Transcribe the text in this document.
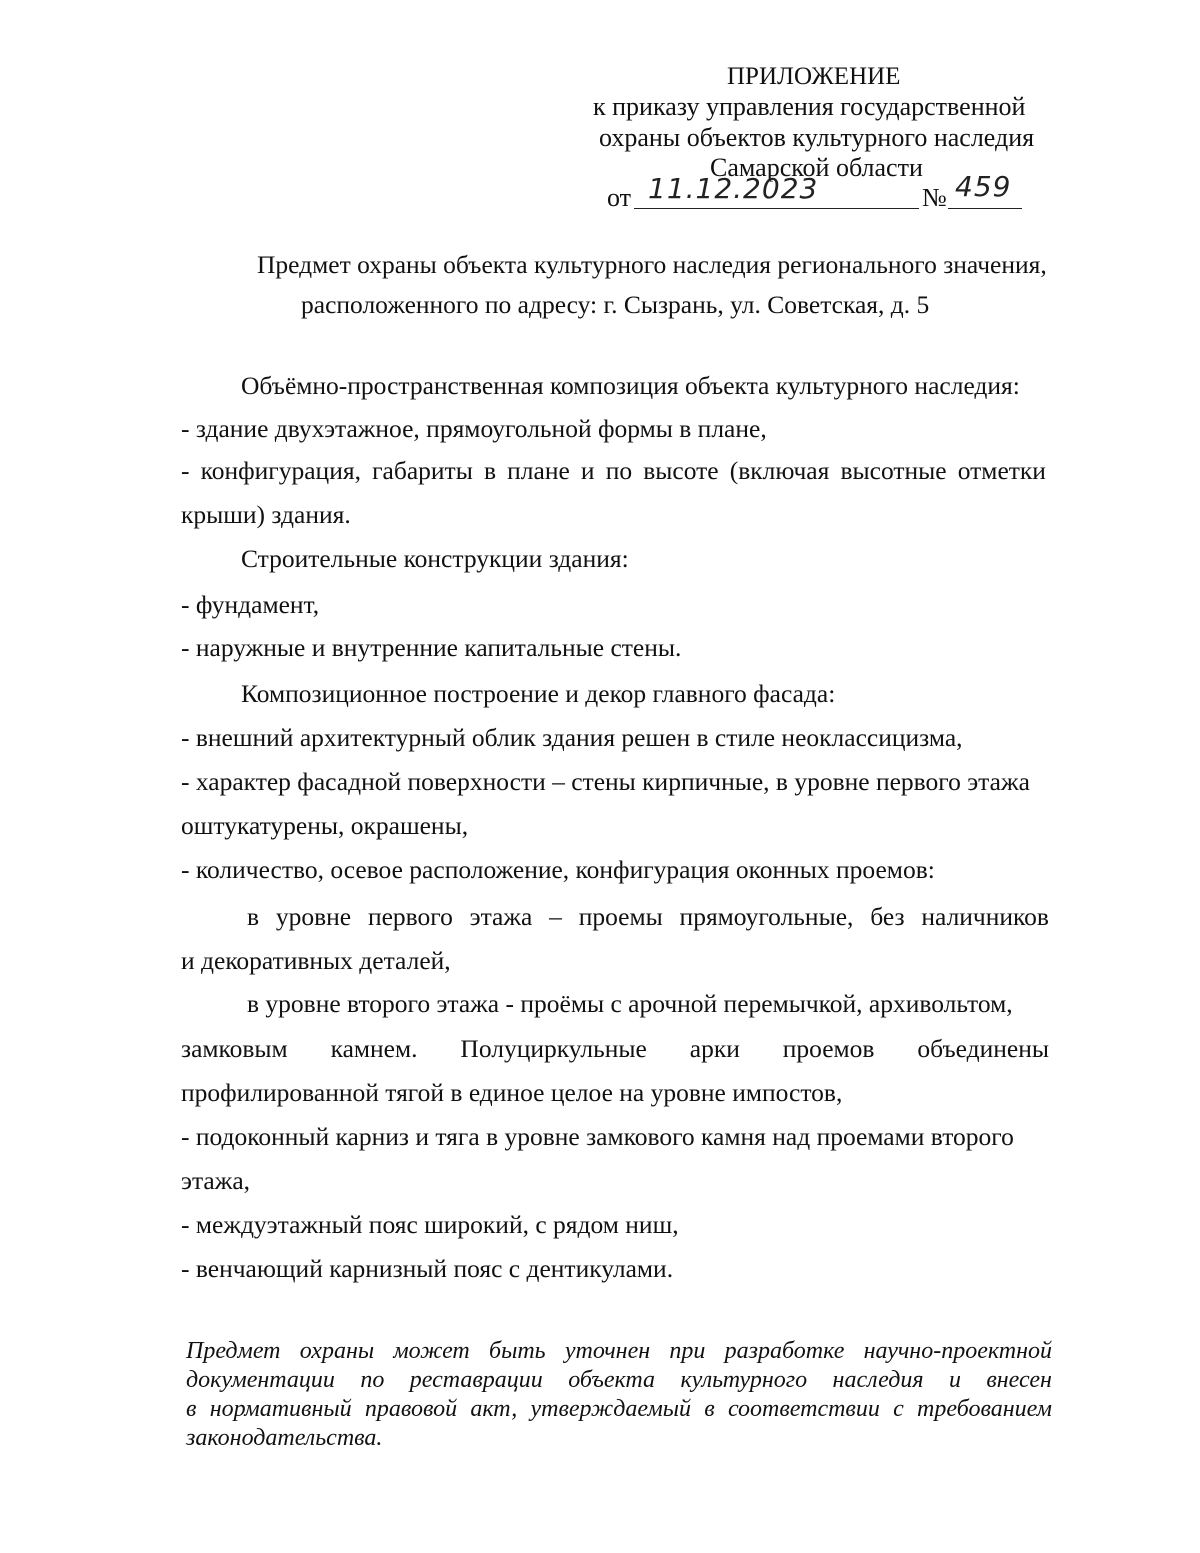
ПРИЛОЖЕНИЕ
к приказу управления государственной
охраны объектов культурного наследия
Самарской области
от 11.12.2023	№ 459
Предмет охраны объекта культурного наследия регионального значения,
расположенного по адресу: г. Сызрань, ул. Советская, д. 5
Объёмно-пространственная композиция объекта культурного наследия:
- здание двухэтажное, прямоугольной формы в плане,
- конфигурация, габариты в плане и по высоте (включая высотные отметки
крыши) здания.
Строительные конструкции здания:
- фундамент,
- наружные и внутренние капитальные стены.
Композиционное построение и декор главного фасада:
- внешний архитектурный облик здания решен в стиле неоклассицизма,
- характер фасадной поверхности – стены кирпичные, в уровне первого этажа
оштукатурены, окрашены,
- количество, осевое расположение, конфигурация оконных проемов:
в уровне первого этажа – проемы прямоугольные, без наличников
и декоративных деталей,
в уровне второго этажа - проёмы с арочной перемычкой, архивольтом,
замковым камнем. Полуциркульные арки проемов объединены
профилированной тягой в единое целое на уровне импостов,
- подоконный карниз и тяга в уровне замкового камня над проемами второго
этажа,
- междуэтажный пояс широкий, с рядом ниш,
- венчающий карнизный пояс с дентикулами.
Предмет охраны может быть уточнен при разработке научно-проектной
документации по реставрации объекта культурного наследия и внесен
в нормативный правовой акт, утверждаемый в соответствии с требованием
законодательства.
